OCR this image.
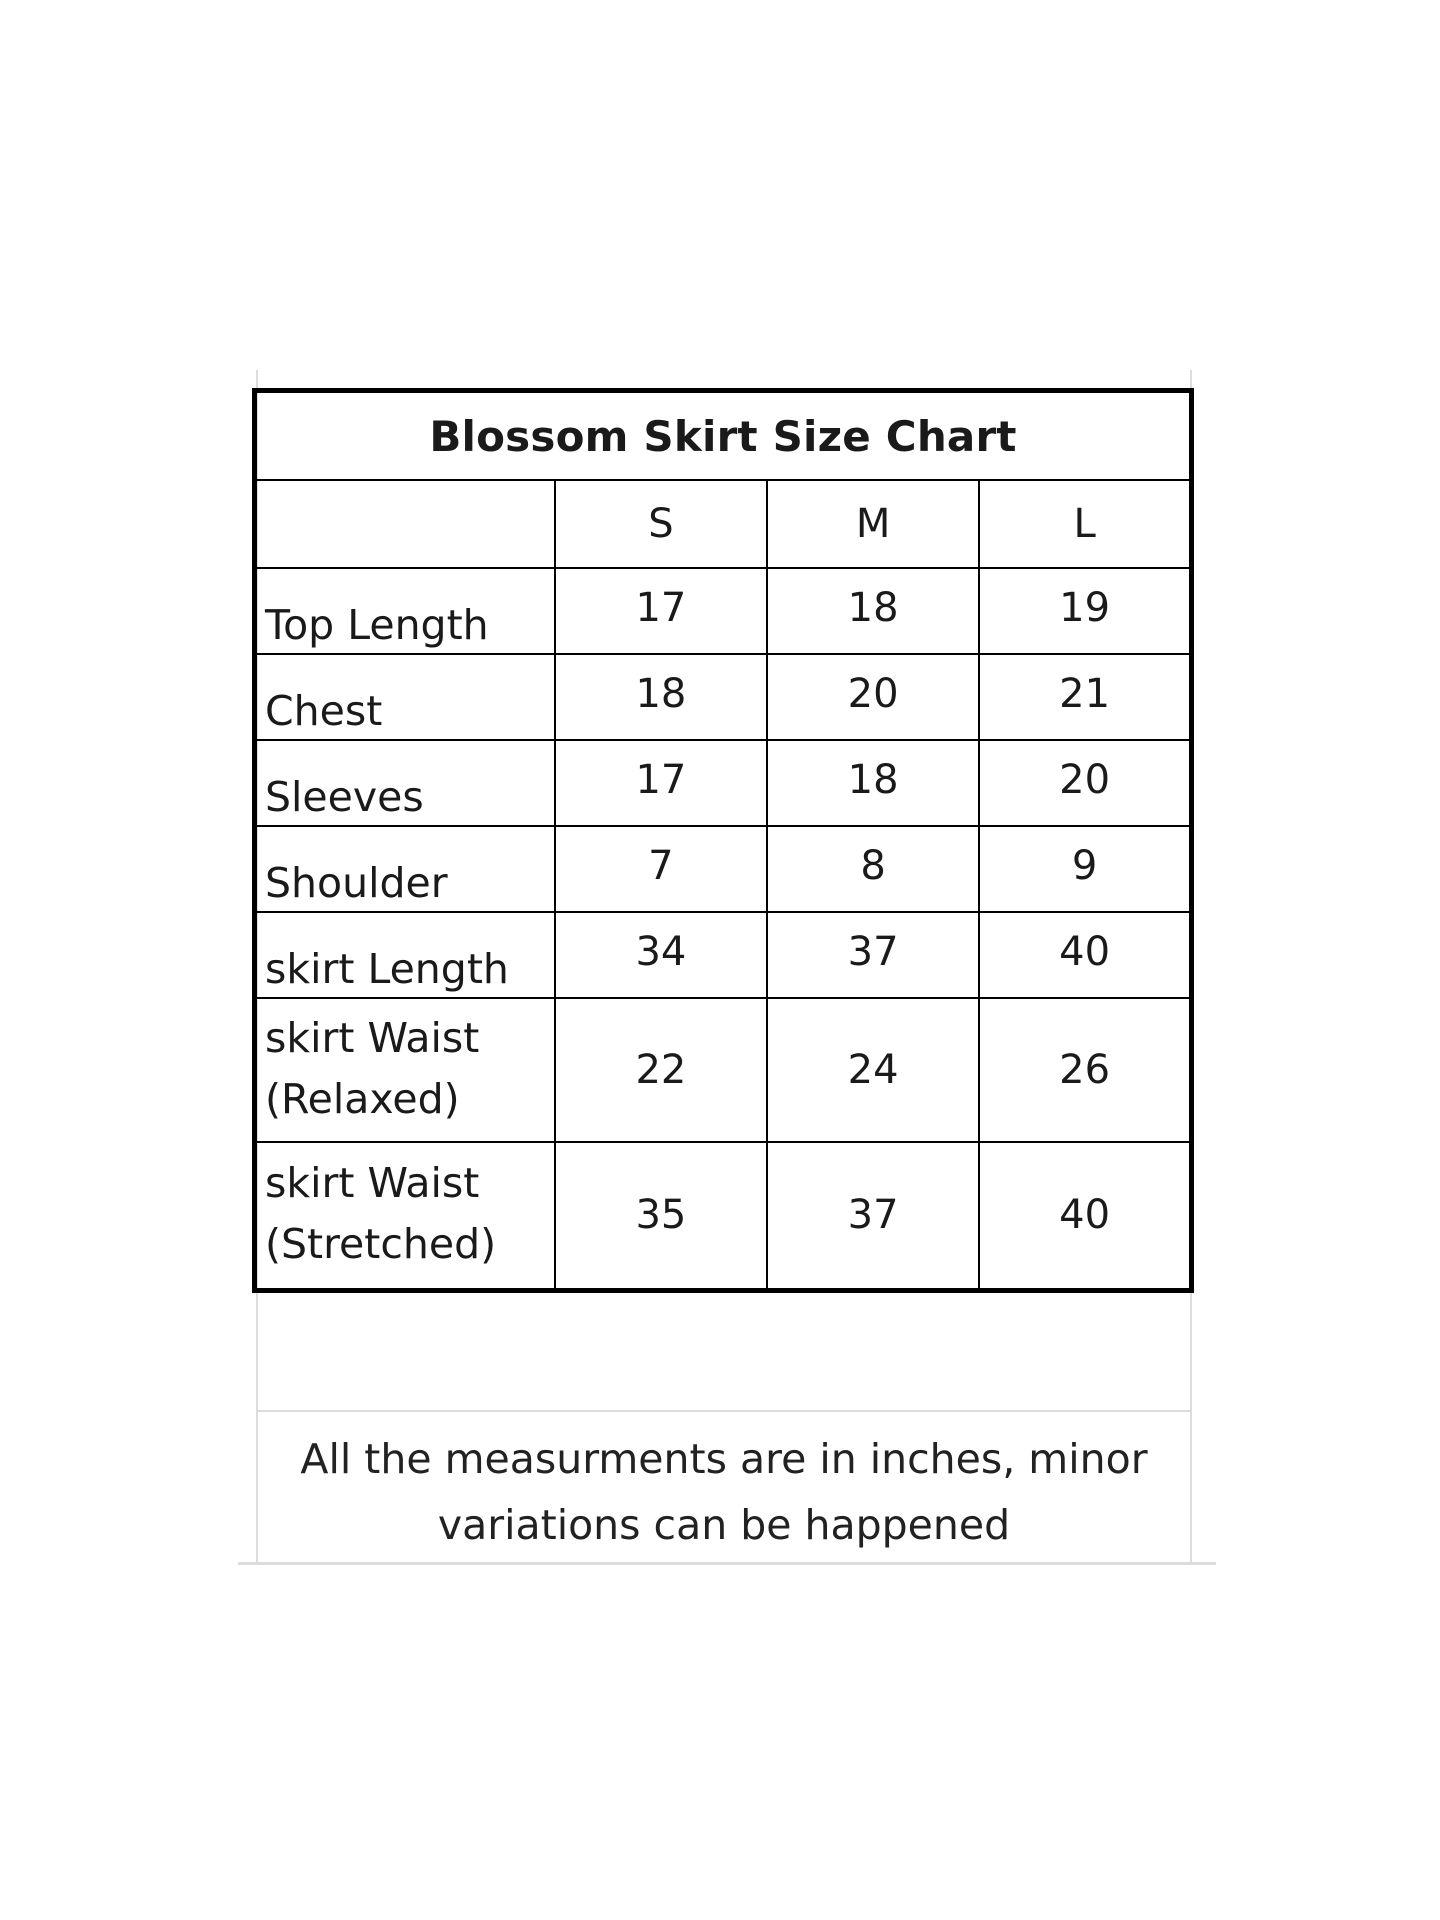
Blossom Skirt Size Chart			
	S	M	L
Top Length	17	18	19
Chest	18	20	21
Sleeves	17	18	20
Shoulder	7	8	9
skirt Length	34	37	40

skirt Waist
(Relaxed)	22	24	26

skirt Waist
(Stretched)	35	37	40
All the measurments are in inches, minor
variations can be happened
